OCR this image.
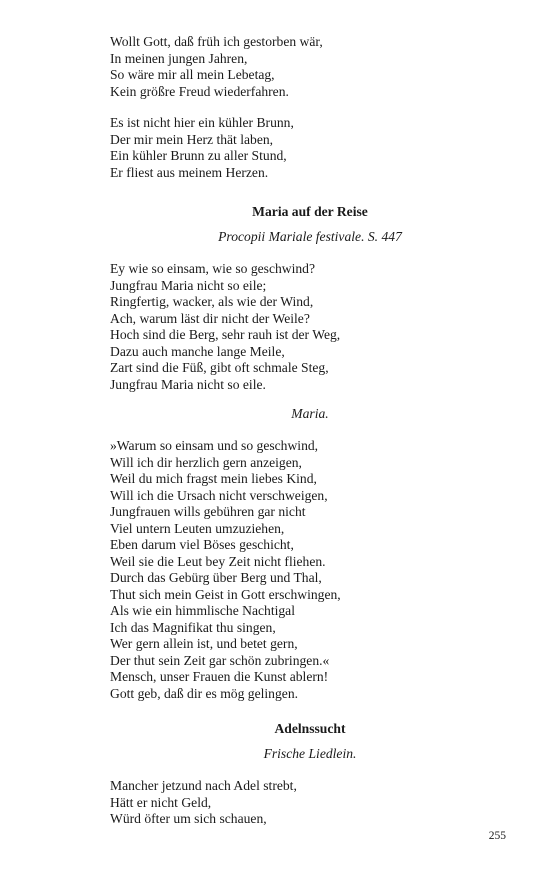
Wollt Gott, daß früh ich gestorben wär,

In meinen jungen Jahren,

So wäre mir all mein Lebetag,

Kein größre Freud wiederfahren.

Es ist nicht hier ein kühler Brunn,

Der mir mein Herz thät laben,

Ein kühler Brunn zu aller Stund,

Er fliest aus meinem Herzen.

Maria auf der Reise
Procopii Mariale festivale. S. 447

Ey wie so einsam, wie so geschwind?

Jungfrau Maria nicht so eile;

Ringfertig, wacker, als wie der Wind,

Ach, warum läst dir nicht der Weile?

Hoch sind die Berg, sehr rauh ist der Weg,

Dazu auch manche lange Meile,

Zart sind die Füß, gibt oft schmale Steg,

Jungfrau Maria nicht so eile.

Maria.

»Warum so einsam und so geschwind,

Will ich dir herzlich gern anzeigen,

Weil du mich fragst mein liebes Kind,

Will ich die Ursach nicht verschweigen,

Jungfrauen wills gebühren gar nicht

Viel untern Leuten umzuziehen,

Eben darum viel Böses geschicht,

Weil sie die Leut bey Zeit nicht fliehen.

Durch das Gebürg über Berg und Thal,

Thut sich mein Geist in Gott erschwingen,

Als wie ein himmlische Nachtigal

Ich das Magnifikat thu singen,

Wer gern allein ist, und betet gern,

Der thut sein Zeit gar schön zubringen.«

Mensch, unser Frauen die Kunst ablern!

Gott geb, daß dir es mög gelingen.

Adelnssucht
Frische Liedlein.

Mancher jetzund nach Adel strebt,

Hätt er nicht Geld,

Würd öfter um sich schauen,

255
